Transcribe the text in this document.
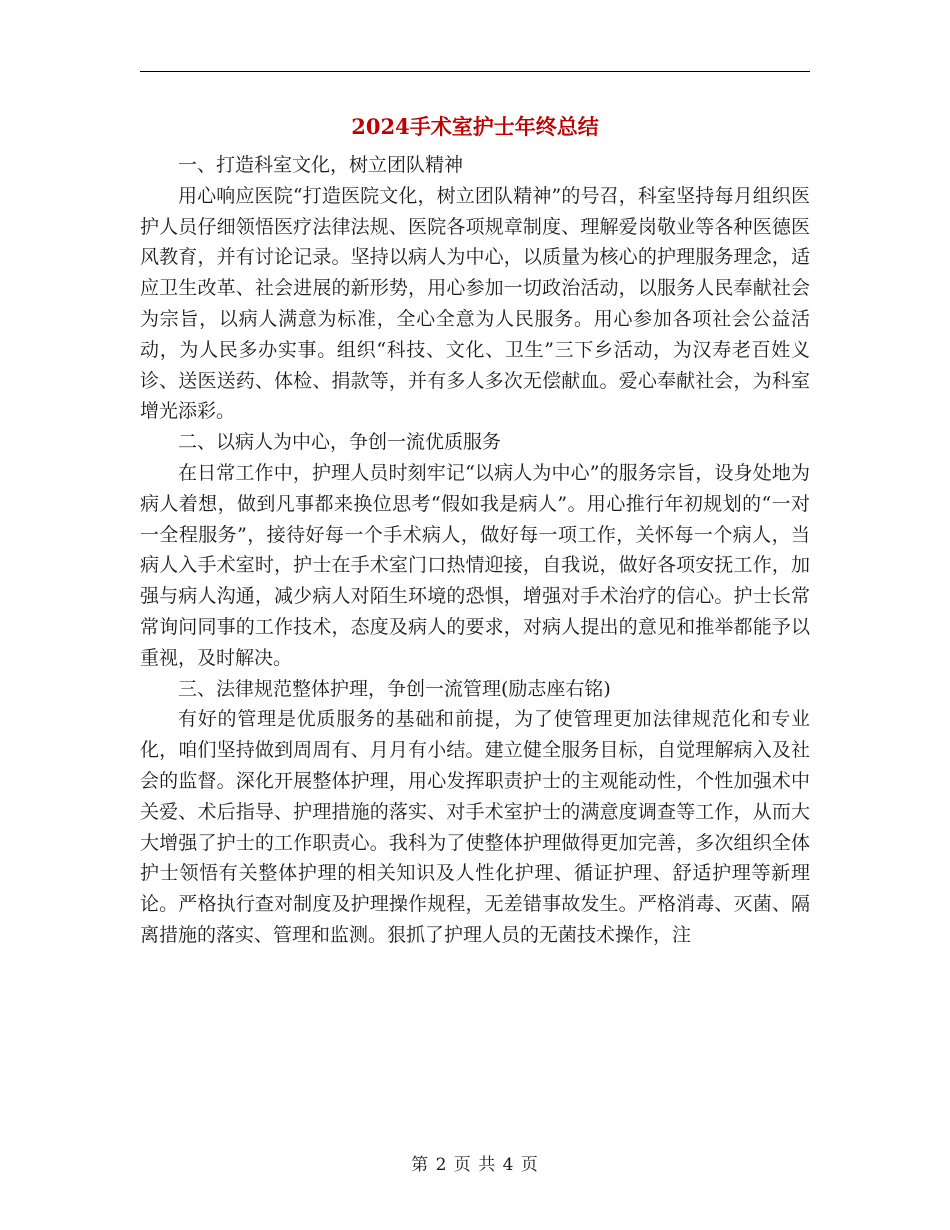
2024手术室护士年终总结

一、打造科室文化，树立团队精神

用心响应医院“打造医院文化，树立团队精神”的号召，科室坚持每月组织医护人员仔细领悟医疗法律法规、医院各项规章制度、理解爱岗敬业等各种医德医风教育，并有讨论记录。坚持以病人为中心，以质量为核心的护理服务理念，适应卫生改革、社会进展的新形势，用心参加一切政治活动，以服务人民奉献社会为宗旨，以病人满意为标准，全心全意为人民服务。用心参加各项社会公益活动，为人民多办实事。组织“科技、文化、卫生”三下乡活动，为汉寿老百姓义诊、送医送药、体检、捐款等，并有多人多次无偿献血。爱心奉献社会，为科室增光添彩。

二、以病人为中心，争创一流优质服务

在日常工作中，护理人员时刻牢记“以病人为中心”的服务宗旨，设身处地为病人着想，做到凡事都来换位思考“假如我是病人”。用心推行年初规划的“一对一全程服务”，接待好每一个手术病人，做好每一项工作，关怀每一个病人，当病人入手术室时，护士在手术室门口热情迎接，自我说，做好各项安抚工作，加强与病人沟通，减少病人对陌生环境的恐惧，增强对手术治疗的信心。护士长常常询问同事的工作技术，态度及病人的要求，对病人提出的意见和推举都能予以重视，及时解决。

三、法律规范整体护理，争创一流管理(励志座右铭)

有好的管理是优质服务的基础和前提，为了使管理更加法律规范化和专业化，咱们坚持做到周周有、月月有小结。建立健全服务目标，自觉理解病入及社会的监督。深化开展整体护理，用心发挥职责护士的主观能动性，个性加强术中关爱、术后指导、护理措施的落实、对手术室护士的满意度调查等工作，从而大大增强了护士的工作职责心。我科为了使整体护理做得更加完善，多次组织全体护士领悟有关整体护理的相关知识及人性化护理、循证护理、舒适护理等新理论。严格执行查对制度及护理操作规程，无差错事故发生。严格消毒、灭菌、隔离措施的落实、管理和监测。狠抓了护理人员的无菌技术操作，注

第 2 页 共 4 页
